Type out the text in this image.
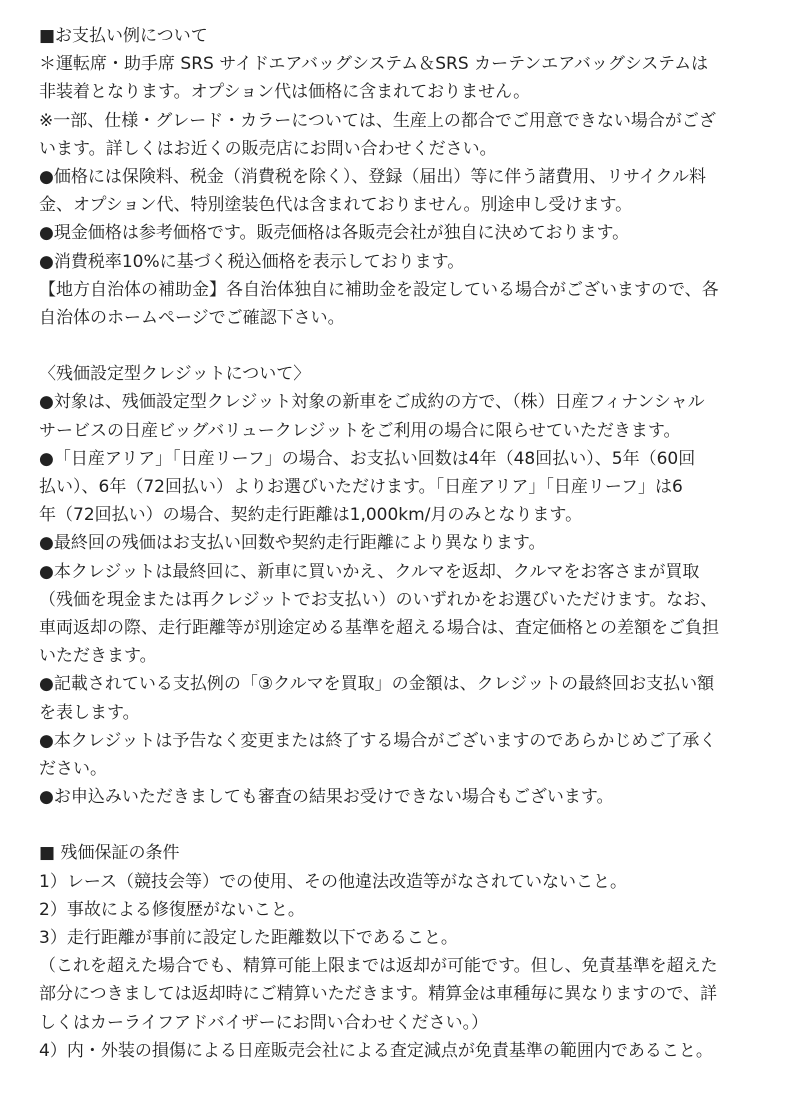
■お支払い例について

＊運転席・助手席 SRS サイドエアバッグシステム＆SRS カーテンエアバッグシステムは

非装着となります。オプション代は価格に含まれておりません。

※一部、仕様・グレード・カラーについては、生産上の都合でご用意できない場合がござ

います。詳しくはお近くの販売店にお問い合わせください。

●価格には保険料、税金（消費税を除く）、登録（届出）等に伴う諸費用、リサイクル料

金、オプション代、特別塗装色代は含まれておりません。別途申し受けます。

●現金価格は参考価格です。販売価格は各販売会社が独自に決めております。

●消費税率10%に基づく税込価格を表示しております。

【地方自治体の補助金】各自治体独自に補助金を設定している場合がございますので、各

自治体のホームページでご確認下さい。

〈残価設定型クレジットについて〉

●対象は、残価設定型クレジット対象の新車をご成約の方で、（株）日産フィナンシャル

サービスの日産ビッグバリュークレジットをご利用の場合に限らせていただきます。

●「日産アリア」「日産リーフ」の場合、お支払い回数は4年（48回払い）、5年（60回

払い）、6年（72回払い）よりお選びいただけます。「日産アリア」「日産リーフ」は6

年（72回払い）の場合、契約走行距離は1,000km/月のみとなります。

●最終回の残価はお支払い回数や契約走行距離により異なります。

●本クレジットは最終回に、新車に買いかえ、クルマを返却、クルマをお客さまが買取

（残価を現金または再クレジットでお支払い）のいずれかをお選びいただけます。なお、

車両返却の際、走行距離等が別途定める基準を超える場合は、査定価格との差額をご負担

いただきます。

●記載されている支払例の「③クルマを買取」の金額は、クレジットの最終回お支払い額

を表します。

●本クレジットは予告なく変更または終了する場合がございますのであらかじめご了承く

ださい。

●お申込みいただきましても審査の結果お受けできない場合もございます。

■ 残価保証の条件

1）レース（競技会等）での使用、その他違法改造等がなされていないこと。

2）事故による修復歴がないこと。

3）走行距離が事前に設定した距離数以下であること。

（これを超えた場合でも、精算可能上限までは返却が可能です。但し、免責基準を超えた

部分につきましては返却時にご精算いただきます。精算金は車種毎に異なりますので、詳

しくはカーライフアドバイザーにお問い合わせください。）

4）内・外装の損傷による日産販売会社による査定減点が免責基準の範囲内であること。
